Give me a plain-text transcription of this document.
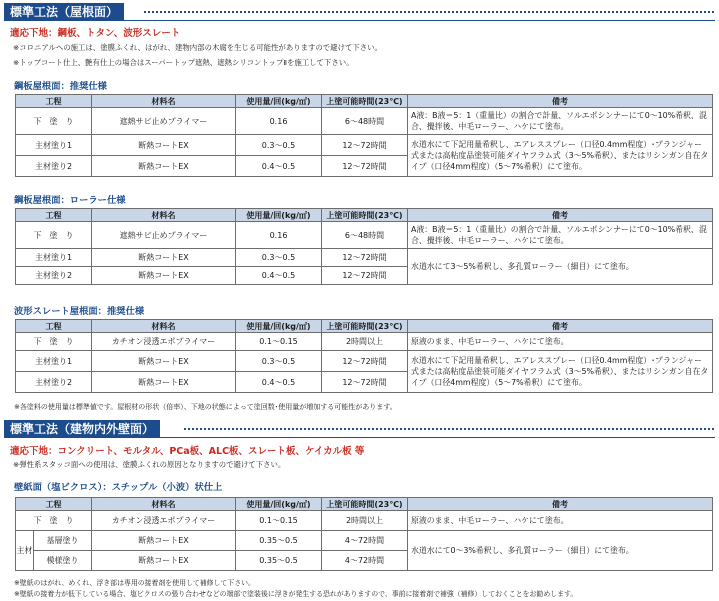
標準工法（屋根面）
適応下地：鋼板、トタン、波形スレート
※コロニアルへの施工は、塗膜ふくれ、はがれ、建物内部の木腐を生じる可能性がありますので避けて下さい。
※トップコート仕上、艶有仕上の場合はスーパートップ遮熱、遮熱シリコントップⅡを施工して下さい。
鋼板屋根面：推奨仕様
工程	材料名	使用量/回(kg/㎡)	上塗可能時間(23℃)	備考
下　塗　り	遮熱サビ止めプライマー	0.16	6〜48時間	A液：B液＝5：1（重量比）の割合で計量、ソルエポシンナーにて0〜10%希釈、混合、攪拌後、中毛ローラー、ハケにて塗布。
主材塗り1	断熱コートEX	0.3〜0.5	12〜72時間	水道水にて下記用量希釈し、エアレススプレー（口径0.4mm程度）･プランジャー式または高粘度品塗装可能ダイヤフラム式（3〜5%希釈）、またはリシンガン自在タイプ（口径4mm程度）（5〜7%希釈）にて塗布。
主材塗り2	断熱コートEX	0.4〜0.5	12〜72時間	
鋼板屋根面：ローラー仕様
工程	材料名	使用量/回(kg/㎡)	上塗可能時間(23℃)	備考
下　塗　り	遮熱サビ止めプライマー	0.16	6〜48時間	A液：B液＝5：1（重量比）の割合で計量、ソルエポシンナーにて0〜10%希釈、混合、攪拌後、中毛ローラー、ハケにて塗布。
主材塗り1	断熱コートEX	0.3〜0.5	12〜72時間	水道水にて3〜5%希釈し、多孔質ローラー（細目）にて塗布。
主材塗り2	断熱コートEX	0.4〜0.5	12〜72時間	
波形スレート屋根面：推奨仕様
工程	材料名	使用量/回(kg/㎡)	上塗可能時間(23℃)	備考
下　塗　り	カチオン浸透エポプライマー	0.1〜0.15	2時間以上	原液のまま、中毛ローラー、ハケにて塗布。
主材塗り1	断熱コートEX	0.3〜0.5	12〜72時間	水道水にて下記用量希釈し、エアレススプレー（口径0.4mm程度）･プランジャー式または高粘度品塗装可能ダイヤフラム式（3〜5%希釈）、またはリシンガン自在タイプ（口径4mm程度）（5〜7%希釈）にて塗布。
主材塗り2	断熱コートEX	0.4〜0.5	12〜72時間	
※各塗料の使用量は標準値です。屋根材の形状（倍率）、下地の状態によって塗回数･使用量が増加する可能性があります。
標準工法（建物内外壁面）
適応下地：コンクリート、モルタル、PCa板、ALC板、スレート板、ケイカル板 等
※弾性系スタッコ面への使用は、塗膜ふくれの原因となりますので避けて下さい。
壁紙面（塩ビクロス）：スチップル（小波）状仕上
工程		材料名	使用量/回(kg/㎡)	上塗可能時間(23℃)	備考
下　塗　り		カチオン浸透エポプライマー	0.1〜0.15	2時間以上	原液のまま、中毛ローラー、ハケにて塗布。
主材	基層塗り	断熱コートEX	0.35〜0.5	4〜72時間	水道水にて0〜3%希釈し、多孔質ローラー（細目）にて塗布。
	模様塗り	断熱コートEX	0.35〜0.5	4〜72時間	
※壁紙のはがれ、めくれ、浮き部は専用の接着剤を使用して補修して下さい。
※壁紙の接着力が低下している場合、塩ビクロスの張り合わせなどの端部で塗装後に浮きが発生する恐れがありますので、事前に接着剤で補強（補修）しておくことをお勧めします。
